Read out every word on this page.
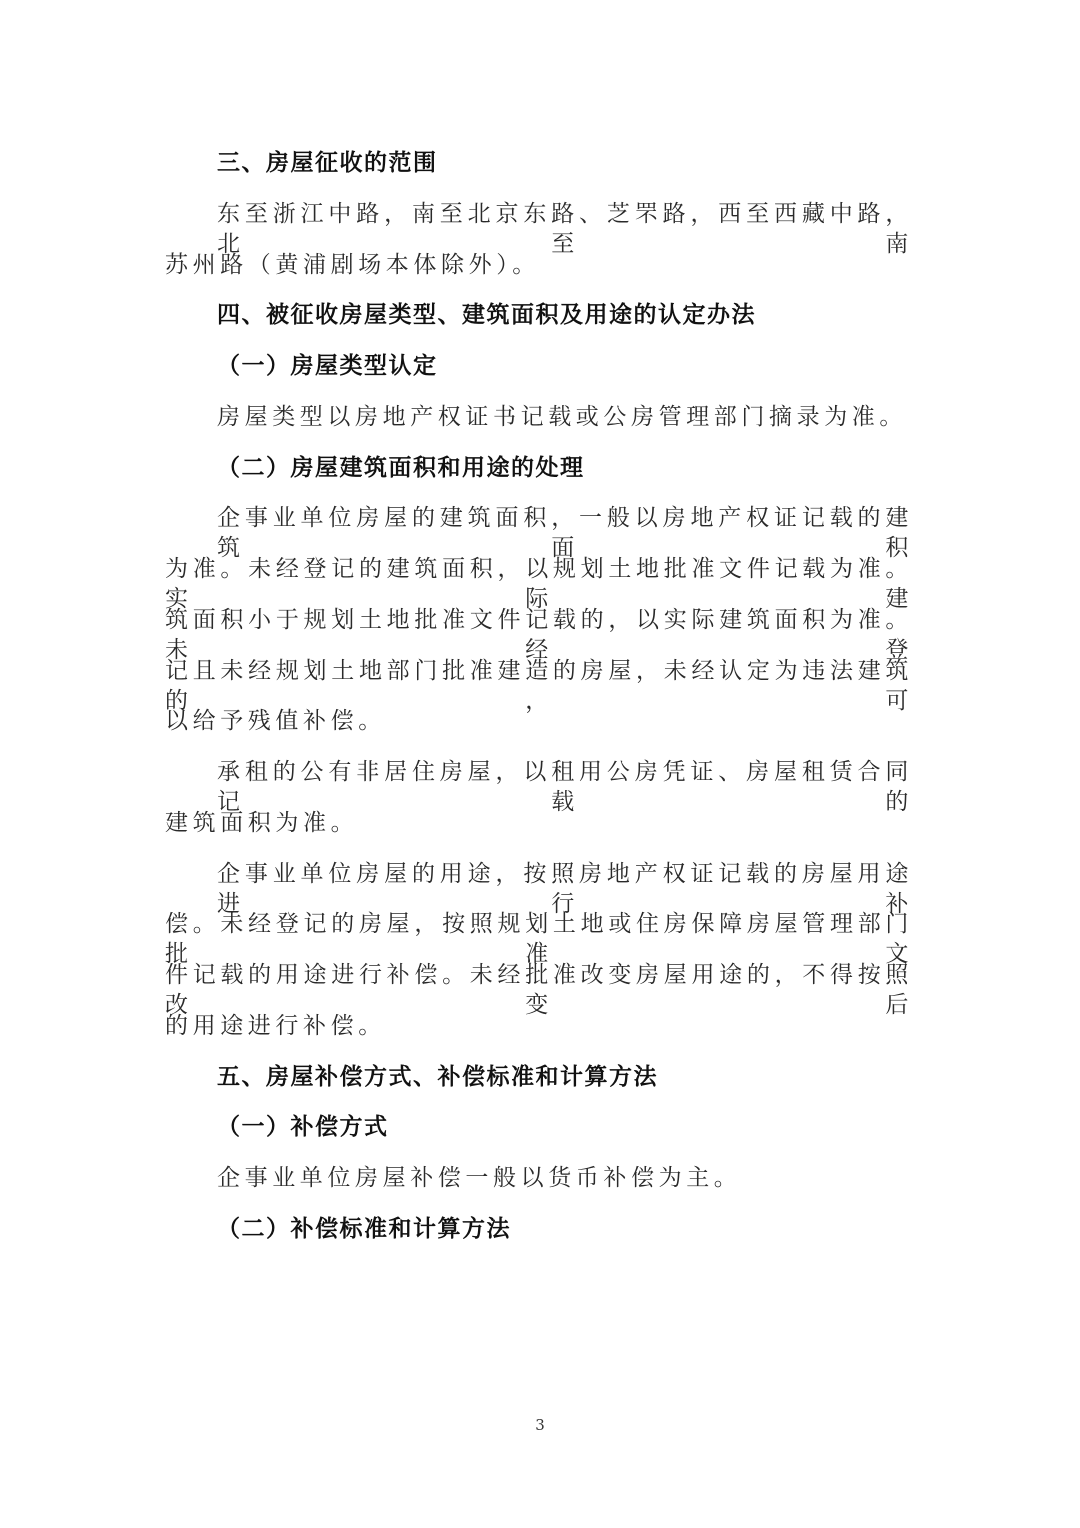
三、房屋征收的范围
东至浙江中路，南至北京东路、芝罘路，西至西藏中路，北至南
苏州路（黄浦剧场本体除外）。
四、被征收房屋类型、建筑面积及用途的认定办法
（一）房屋类型认定
房屋类型以房地产权证书记载或公房管理部门摘录为准。
（二）房屋建筑面积和用途的处理
企事业单位房屋的建筑面积，一般以房地产权证记载的建筑面积
为准。未经登记的建筑面积，以规划土地批准文件记载为准。实际建
筑面积小于规划土地批准文件记载的，以实际建筑面积为准。未经登
记且未经规划土地部门批准建造的房屋，未经认定为违法建筑的，可
以给予残值补偿。
承租的公有非居住房屋，以租用公房凭证、房屋租赁合同记载的
建筑面积为准。
企事业单位房屋的用途，按照房地产权证记载的房屋用途进行补
偿。未经登记的房屋，按照规划土地或住房保障房屋管理部门批准文
件记载的用途进行补偿。未经批准改变房屋用途的，不得按照改变后
的用途进行补偿。
五、房屋补偿方式、补偿标准和计算方法
（一）补偿方式
企事业单位房屋补偿一般以货币补偿为主。
（二）补偿标准和计算方法
3
